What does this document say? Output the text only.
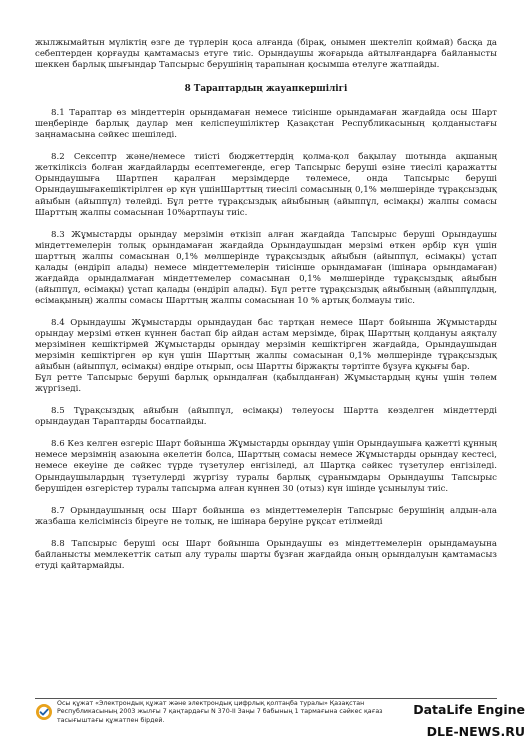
жылжымайтын мүліктің өзге де түрлерін қоса алғанда (бірақ, онымен шектеліп қоймай) басқа да себептерден қорғауды қамтамасыз етуге тиіс. Орындаушы жоғарыда айтылғандарға байланысты шеккен барлық шығындар Тапсырыс берушінің тарапынан қосымша өтелуге жатпайды.

8 Тараптардың жауапкершілігі

8.1 Тараптар өз міндеттерін орындамаған немесе тиісінше орындамаған жағдайда осы Шарт шеңберінде барлық даулар мен келіспеушіліктер Қазақстан Республикасының қолданыстағы заңнамасына сәйкес шешіледі.

8.2 Сексептр және/немесе тиісті бюджеттердің қолма-қол бақылау шотында ақшаның жеткіліксіз болған жағдайларды есептемегенде, егер Тапсырыс беруші өзіне тиесілі қаражатты Орындаушыға Шартпен қаралған мерзімдерде төлемесе, онда Тапсырыс беруші Орындаушығакешіктірілген әр күн үшінШарттың тиесілі сомасының 0,1% мөлшерінде тұрақсыздық айыбын (айыппұл) төлейді. Бұл ретте тұрақсыздық айыбының (айыппұл, өсімақы) жалпы сомасы Шарттың жалпы сомасынан 10%артпауы тиіс.

8.3 Жұмыстарды орындау мерзімін өткізіп алған жағдайда Тапсырыс беруші Орындаушы міндеттемелерін толық орындамаған жағдайда Орындаушыдан мерзімі өткен әрбір күн үшін шарттың жалпы сомасынан 0,1% мөлшерінде тұрақсыздық айыбын (айыппұл, өсімақы) ұстап қалады (өндіріп алады) немесе міндеттемелерін тиісінше орындамаған (ішінара орындамаған) жағдайда орындалмаған міндеттемелер сомасынан 0,1% мөлшерінде тұрақсыздық айыбын (айыппұл, өсімақы) ұстап қалады (өндіріп алады). Бұл ретте тұрақсыздық айыбының (айыппұлдың, өсімақының) жалпы сомасы Шарттың жалпы сомасынан 10 % артық болмауы тиіс.

8.4 Орындаушы Жұмыстарды орындаудан бас тартқан немесе Шарт бойынша Жұмыстарды орындау мерзімі өткен күннен бастап бір айдан астам мерзімде, бірақ Шарттың қолдануы аяқталу мерзімінен кешіктірмей Жұмыстарды орындау мерзімін кешіктірген жағдайда, Орындаушыдан мерзімін кешіктірген әр күн үшін Шарттың жалпы сомасынан 0,1% мөлшерінде тұрақсыздық айыбын (айыппұл, өсімақы) өндіре отырып, осы Шартты біржақты тәртіпте бұзуға құқығы бар.

Бұл ретте Тапсырыс беруші барлық орындалған (қабылданған) Жұмыстардың құны үшін төлем жүргізеді.

8.5 Тұрақсыздық айыбын (айыппұл, өсімақы) төлеуосы Шартта көзделген міндеттерді орындаудан Тараптарды босатпайды.

8.6 Кез келген өзгеріс Шарт бойынша Жұмыстарды орындау үшін Орындаушыға қажетті құнның немесе мерзімнің азаюына әкелетін болса, Шарттың сомасы немесе Жұмыстарды орындау кестесі, немесе екеуіне де сәйкес түрде түзетулер енгізіледі, ал Шартқа сәйкес түзетулер енгізіледі. Орындаушылардың түзетулерді жүргізу туралы барлық сұранымдары Орындаушы Тапсырыс берушіден өзгерістер туралы тапсырма алған күннен 30 (отыз) күн ішінде ұсынылуы тиіс.

8.7 Орындаушының осы Шарт бойынша өз міндеттемелерін Тапсырыс берушінің алдын-ала жазбаша келісімінсіз біреуге не толық, не ішінара беруіне рұқсат етілмейді

8.8 Тапсырыс беруші осы Шарт бойынша Орындаушы өз міндеттемелерін орындамауына байланысты мемлекеттік сатып алу туралы шарты бұзған жағдайда оның орындалуын қамтамасыз етуді қайтармайды.

Осы құжат «Электрондық құжат және электрондық цифрлық қолтаңба туралы» Қазақстан
Республикасының 2003 жылғы 7 қаңтардағы N 370-II Заңы 7 бабының 1 тармағына сәйкес қағаз
тасығыштағы құжатпен бірдей.
DataLife Engine
DLE-NEWS.RU
